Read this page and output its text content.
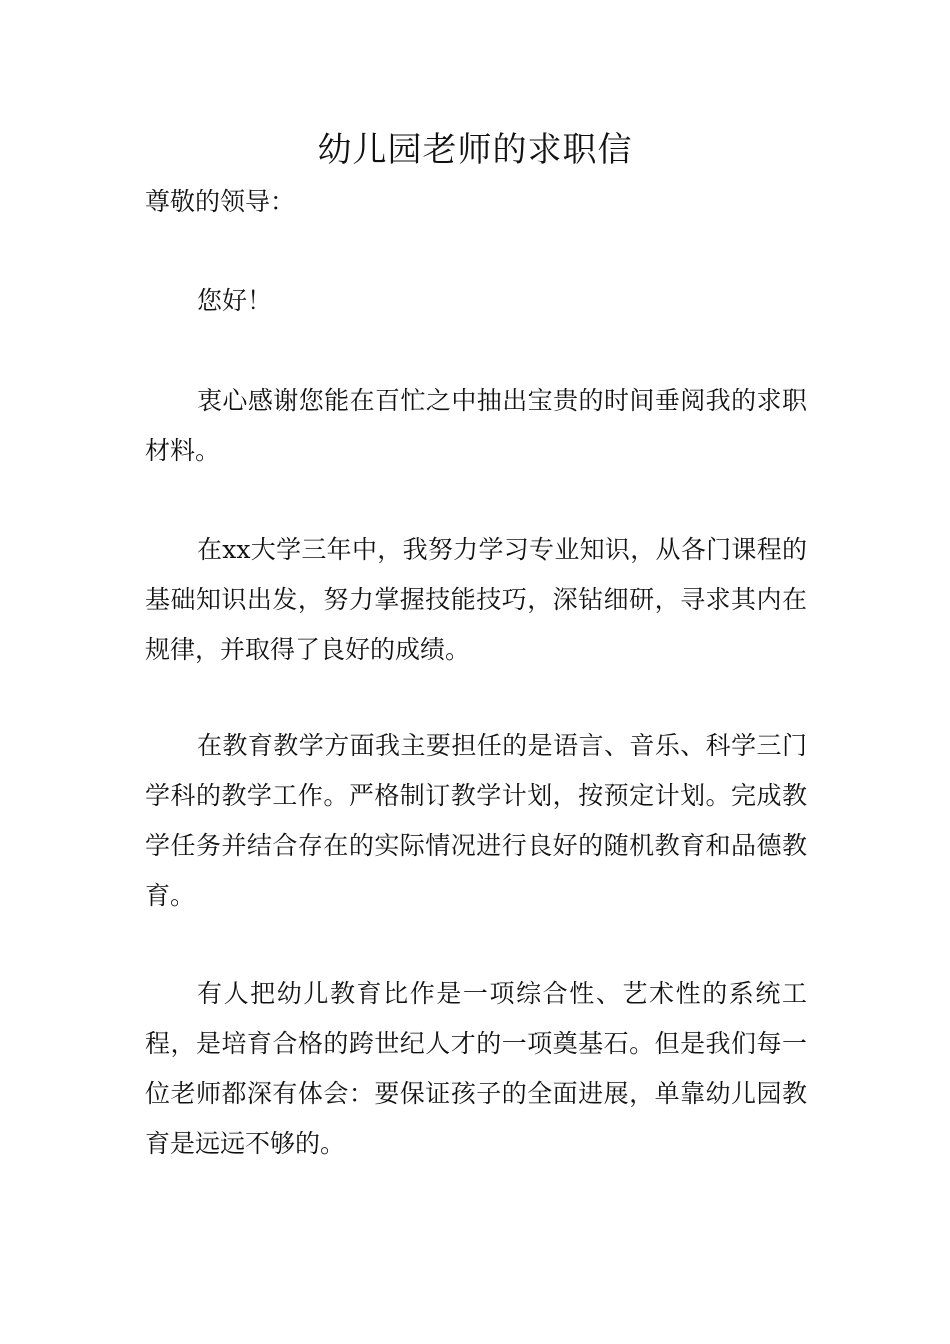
幼儿园老师的求职信

尊敬的领导：

您好！

衷心感谢您能在百忙之中抽出宝贵的时间垂阅我的求职材料。

在xx大学三年中，我努力学习专业知识，从各门课程的基础知识出发，努力掌握技能技巧，深钻细研，寻求其内在规律，并取得了良好的成绩。

在教育教学方面我主要担任的是语言、音乐、科学三门学科的教学工作。严格制订教学计划，按预定计划。完成教学任务并结合存在的实际情况进行良好的随机教育和品德教育。

有人把幼儿教育比作是一项综合性、艺术性的系统工程，是培育合格的跨世纪人才的一项奠基石。但是我们每一位老师都深有体会：要保证孩子的全面进展，单靠幼儿园教育是远远不够的。
